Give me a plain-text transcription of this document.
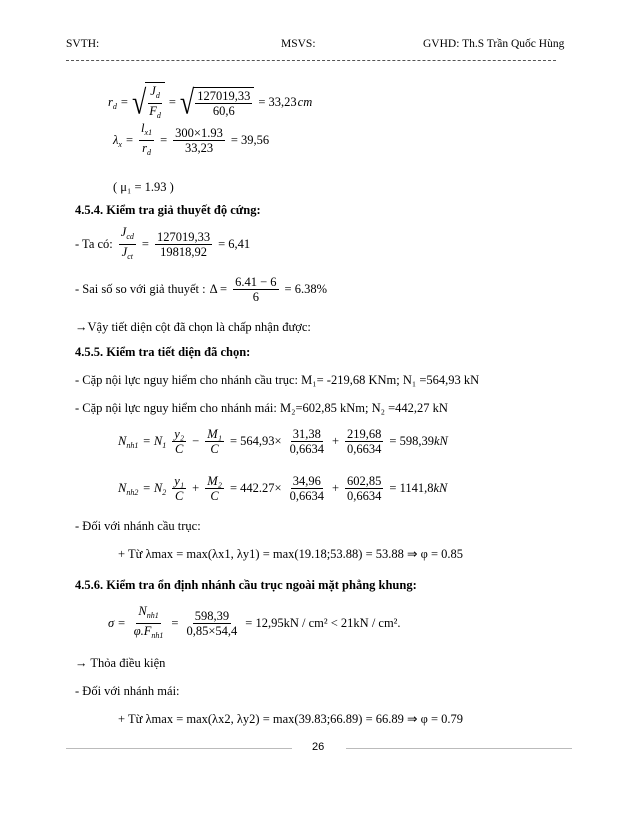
SVTH:	MSVS:	GVHD: Th.S Trần Quốc Hùng
$r_d$ = √ $\frac{J_d}{F_d}$ = √ $\frac{127019,33}{60,6} = 33,23$ cm
$\lambda_x = \frac{l_{x1}}{r_d} = \frac{300\times 1.93}{33,23} = 39,56$
( μ₁ = 1.93 )
4.5.4. Kiểm tra giả thuyết độ cứng:
- Ta có: $\frac{J_{cd}}{J_{ct}} = \frac{127019,33}{19818,92} = 6,41$
- Sai số so với giả thuyết : $\Delta = \frac{6.41 - 6}{6} = 6.38\%$
→Vậy tiết diện cột đã chọn là chấp nhận được:
4.5.5. Kiểm tra tiết diện đã chọn:
- Cặp nội lực nguy hiểm cho nhánh cầu trục: M₁= -219,68 KNm; N₁ =564,93 kN
- Cặp nội lực nguy hiểm cho nhánh mái: M₂=602,85 kNm; N₂ =442,27 kN
$N_{nh1} = N_1 \frac{\text{y₂}}{C} - \frac{\text{M₁}}{C} = 564,93\times \frac{31,38}{0,6634} + \frac{219,68}{0,6634} = 598,39$ kN
$N_{nh2} = N_2 \frac{\text{y₁}}{C} + \frac{\text{M₂}}{C} = 442.27\times \frac{34,96}{0,6634} + \frac{602,85}{0,6634} = 1141,8$ kN
- Đối với nhánh cầu trục:
+ Từ λmax = max(λx1, λy1) = max(19.18;53.88) = 53.88 ⇒ φ = 0.85
4.5.6. Kiểm tra ổn định nhánh cầu trục ngoài mặt phẳng khung:
$\sigma = \frac{N_{nh1}}{\varphi.F_{nh1}} = \frac{598,39}{0,85\times 54,4} = 12,95kN / cm^2 < 21kN / cm^2$.
→ Thỏa điều kiện
- Đối với nhánh mái:
+ Từ λmax = max(λx2, λy2) = max(39.83;66.89) = 66.89 ⇒ φ = 0.79
26
